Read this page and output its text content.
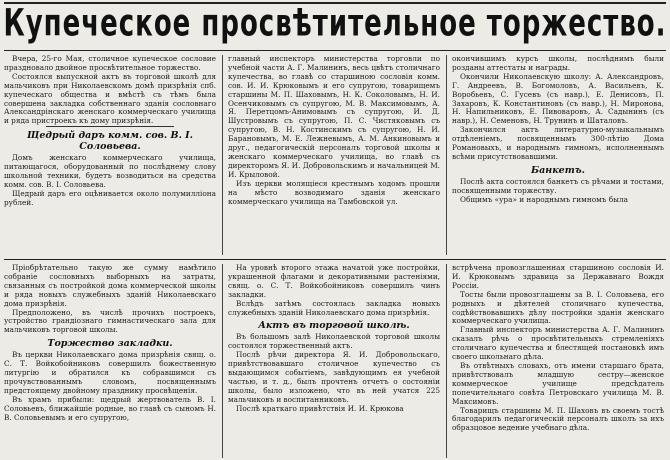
Купеческое просвѣтительное торжество.

Вчера, 25-го Мая, столичное купеческое сословие праздновало двойное просвѣтительное торжество.

Состоялся выпускной актъ въ торговой школѣ для мальчиковъ при Николаевскомъ домѣ призрѣнія спб. купеческаго общества и вмѣстѣ съ тѣмъ была совершена закладка собственнаго зданія сословнаго Александрінскаго женскаго коммерческаго училища и ряда пристроекъ къ дому призрѣнія.

Щедрый даръ комм. сов. В. І. Соловьева.

Домъ женскаго коммерческаго училища, питающагося, оборудованный по послѣднему слову школьной техники, будетъ возводиться на средства комм. сов. В. І. Соловьева.

Щедрый даръ его оцѣнивается около полумилліона рублей.

главный инспекторъ министерства торговли по учебной части А. Г. Малининъ, весь цвѣтъ столичнаго купечества, во главѣ со старшиною сословія комм. сов. И. И. Крюковымъ и его супругою, товарищемъ старшины М. П. Шаховымъ, Н. К. Соколовымъ, Н. И. Осенчиковымъ съ супругою, М. В. Максимовымъ, А. Я. Перетцомъ-Анимовымъ съ супругою, И. Д. Шустровымъ съ супругою, П. С. Чистяковымъ съ супругою, В. Н. Костинскимъ съ супругою, Н. И. Барановымъ, М. Е. Лежневымъ, А. М. Анкиновымъ и друг., педагогическій персоналъ торговой школы и женскаго коммерческаго училища, во главѣ съ директоромъ Я. И. Добровольскимъ и начальницей М. И. Крыловой.

Изъ церкви молящіеся крестнымъ ходомъ прошли на мѣсто возводимаго зданія женскаго коммерческаго училища на Тамбовской ул.

окончившимъ курсъ школы, послѣднимъ были розданы аттестаты и награды.

Окончили Николаевскую школу: А. Александровъ, Г. Андреевъ, В. Богомоловъ, А. Васильевъ, К. Воробьевъ, С. Гусевъ (съ навр.), Е. Денисовъ, П. Захаровъ, К. Константиновъ (съ навр.), Н. Миронова, Н. Напильниковъ, Е. Пивоваровъ, А. Садынинъ (съ навр.), Н. Семеновъ, Н. Трунинъ и Шаталовъ.

Закончился актъ литературно-музыкальнымъ отдѣленіемъ, посвященнымъ 300-лѣтію Дома Романовыхъ, и народнымъ гимномъ, исполненнымъ всѣми присутствовавшими.

Банкетъ.

Послѣ акта состоялся банкетъ съ рѣчами и тостами, посвященными торжеству.

Общимъ «ура» и народнымъ гимномъ была

Пріобрѣтательно такую же сумму намѣтило собраніе сословныхъ выборныхъ на затраты, связанныя съ постройкой дома коммерческой школы и ряда новыхъ служебныхъ зданій Николаевскаго дома призрѣнія.

Предположено, въ числѣ прочихъ построекъ, устройство грандіознаго гимнастическаго зала для мальчиковъ торговой школы.

Торжество закладки.

Въ церкви Николаевскаго дома призрѣнія свящ. о. С. Т. Войкобойниковъ совершилъ божественную литургію и обратился къ собравшимся съ прочувствованнымъ словомъ, посвященнымъ предстоящему двойному празднику просвѣщенія.

Въ храмъ прибыли: щедрый жертвователь В. І. Соловьевъ, ближайшіе родные, во главѣ съ сыномъ Н. В. Соловьевымъ и его супругою,

На уровнѣ второго этажа начатой уже постройки, украшенной флагами и декоративными растеніями, свящ. о. С. Т. Войкобойниковъ совершилъ чинъ закладки.

Вслѣдъ затѣмъ состоялась закладка новыхъ служебныхъ зданій Николаевскаго дома призрѣнія.

Актъ въ торговой школѣ.

Въ большомъ залѣ Николаевской торговой школы состоялся торжественный актъ.

Послѣ рѣчи директора Я. И. Добровольскаго, привѣтствовавшаго столичное купечество съ выдающимся событіемъ, завѣдующимъ ея учебной частью, и т. д., былъ прочтенъ отчетъ о состояніи школы, было изложено, что въ ней учатся 225 мальчиковъ и воспитанниковъ.

Послѣ краткаго привѣтствія И. И. Крюкова

встрѣчена провозглашенная старшиною сословія И. И. Крюковымъ здравица за Державнаго Вождя Россіи.

Тосты были провозглашены за В. І. Соловьева, его родныхъ и дѣятелей столичнаго купечества, содѣйствовавшихъ дѣлу постройки зданія женскаго коммерческаго училища.

Главный инспекторъ министерства А. Г. Малининъ сказалъ рѣчь о просвѣтительныхъ стремленіяхъ столичнаго купечества и блестящей постановкѣ имъ своего школьнаго дѣла.

Въ отвѣтныхъ словахъ, отъ имени старшаго брата, привѣтствовалъ младшую сестру—женское коммерческое училище предсѣдатель попечительнаго совѣта Петровскаго училища М. В. Максимовъ.

Товарищъ старшины М. П. Шаховъ въ своемъ тостѣ благодарилъ педагогическій персоналъ школъ за ихъ образцовое ведение учебнаго дѣла.
